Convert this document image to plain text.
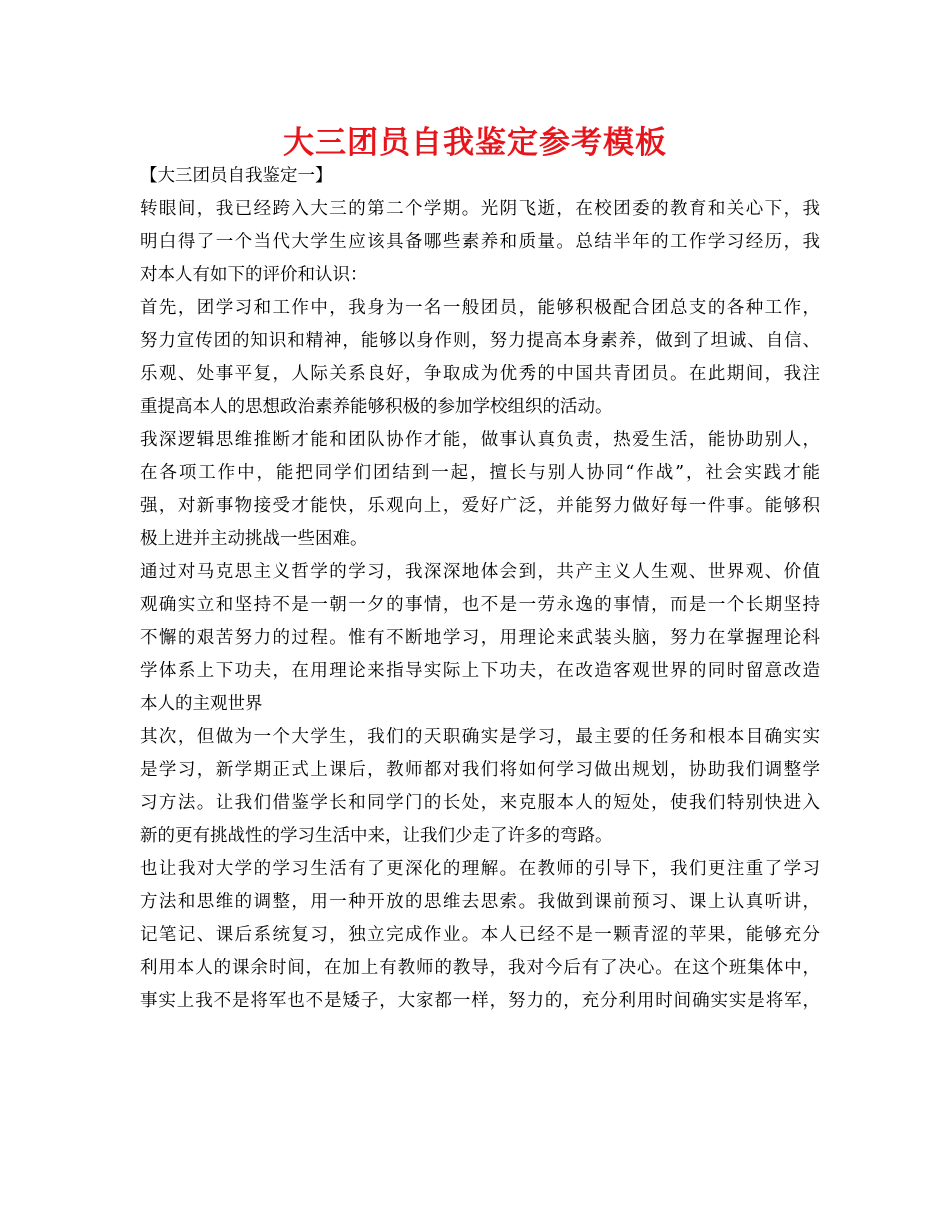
大三团员自我鉴定参考模板
【大三团员自我鉴定一】
转眼间，我已经跨入大三的第二个学期。光阴飞逝，在校团委的教育和关心下，我
明白得了一个当代大学生应该具备哪些素养和质量。总结半年的工作学习经历，我
对本人有如下的评价和认识：
首先，团学习和工作中，我身为一名一般团员，能够积极配合团总支的各种工作，
努力宣传团的知识和精神，能够以身作则，努力提高本身素养，做到了坦诚、自信、
乐观、处事平复，人际关系良好，争取成为优秀的中国共青团员。在此期间，我注
重提高本人的思想政治素养能够积极的参加学校组织的活动。
我深逻辑思维推断才能和团队协作才能，做事认真负责，热爱生活，能协助别人，
在各项工作中，能把同学们团结到一起，擅长与别人协同“作战”，社会实践才能
强，对新事物接受才能快，乐观向上，爱好广泛，并能努力做好每一件事。能够积
极上进并主动挑战一些困难。
通过对马克思主义哲学的学习，我深深地体会到，共产主义人生观、世界观、价值
观确实立和坚持不是一朝一夕的事情，也不是一劳永逸的事情，而是一个长期坚持
不懈的艰苦努力的过程。惟有不断地学习，用理论来武装头脑，努力在掌握理论科
学体系上下功夫，在用理论来指导实际上下功夫，在改造客观世界的同时留意改造
本人的主观世界
其次，但做为一个大学生，我们的天职确实是学习，最主要的任务和根本目确实实
是学习，新学期正式上课后，教师都对我们将如何学习做出规划，协助我们调整学
习方法。让我们借鉴学长和同学门的长处，来克服本人的短处，使我们特别快进入
新的更有挑战性的学习生活中来，让我们少走了许多的弯路。
也让我对大学的学习生活有了更深化的理解。在教师的引导下，我们更注重了学习
方法和思维的调整，用一种开放的思维去思索。我做到课前预习、课上认真听讲，
记笔记、课后系统复习，独立完成作业。本人已经不是一颗青涩的苹果，能够充分
利用本人的课余时间，在加上有教师的教导，我对今后有了决心。在这个班集体中，
事实上我不是将军也不是矮子，大家都一样，努力的，充分利用时间确实实是将军，
